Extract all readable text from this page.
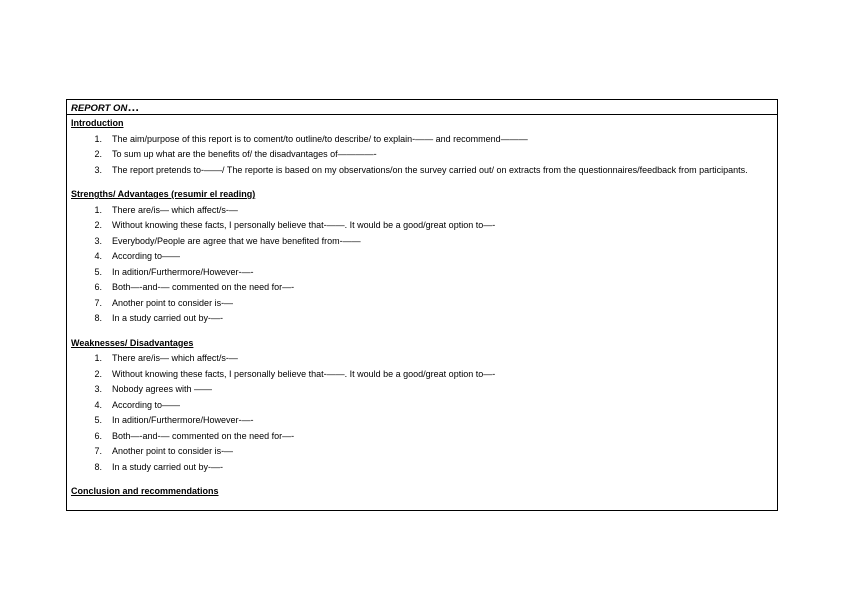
REPORT ON…
Introduction
1.	The aim/purpose of this report is to coment/to outline/to describe/ to explain-—— and recommend———
2.	To sum up what are the benefits of/ the disadvantages of————-
3.	The report pretends to-——/ The reporte is based on my observations/on the survey carried out/ on extracts from the questionnaires/feedback from participants.
Strengths/ Advantages (resumir el reading)
1.	There are/is— which affect/s-—
2.	Without knowing these facts, I personally believe that-——. It would be a good/great option to—-
3.	Everybody/People are agree that we have benefited from-——
4.	According to——
5.	In adition/Furthermore/However-—-
6.	Both—-and-— commented on the need for—-
7.	Another point to consider is-—
8.	In a study carried out by-—-
Weaknesses/ Disadvantages
1.	There are/is— which affect/s-—
2.	Without knowing these facts, I personally believe that-——. It would be a good/great option to—-
3.	Nobody agrees with ——
4.	According to——
5.	In adition/Furthermore/However-—-
6.	Both—-and-— commented on the need for—-
7.	Another point to consider is-—
8.	In a study carried out by-—-
Conclusion and recommendations
